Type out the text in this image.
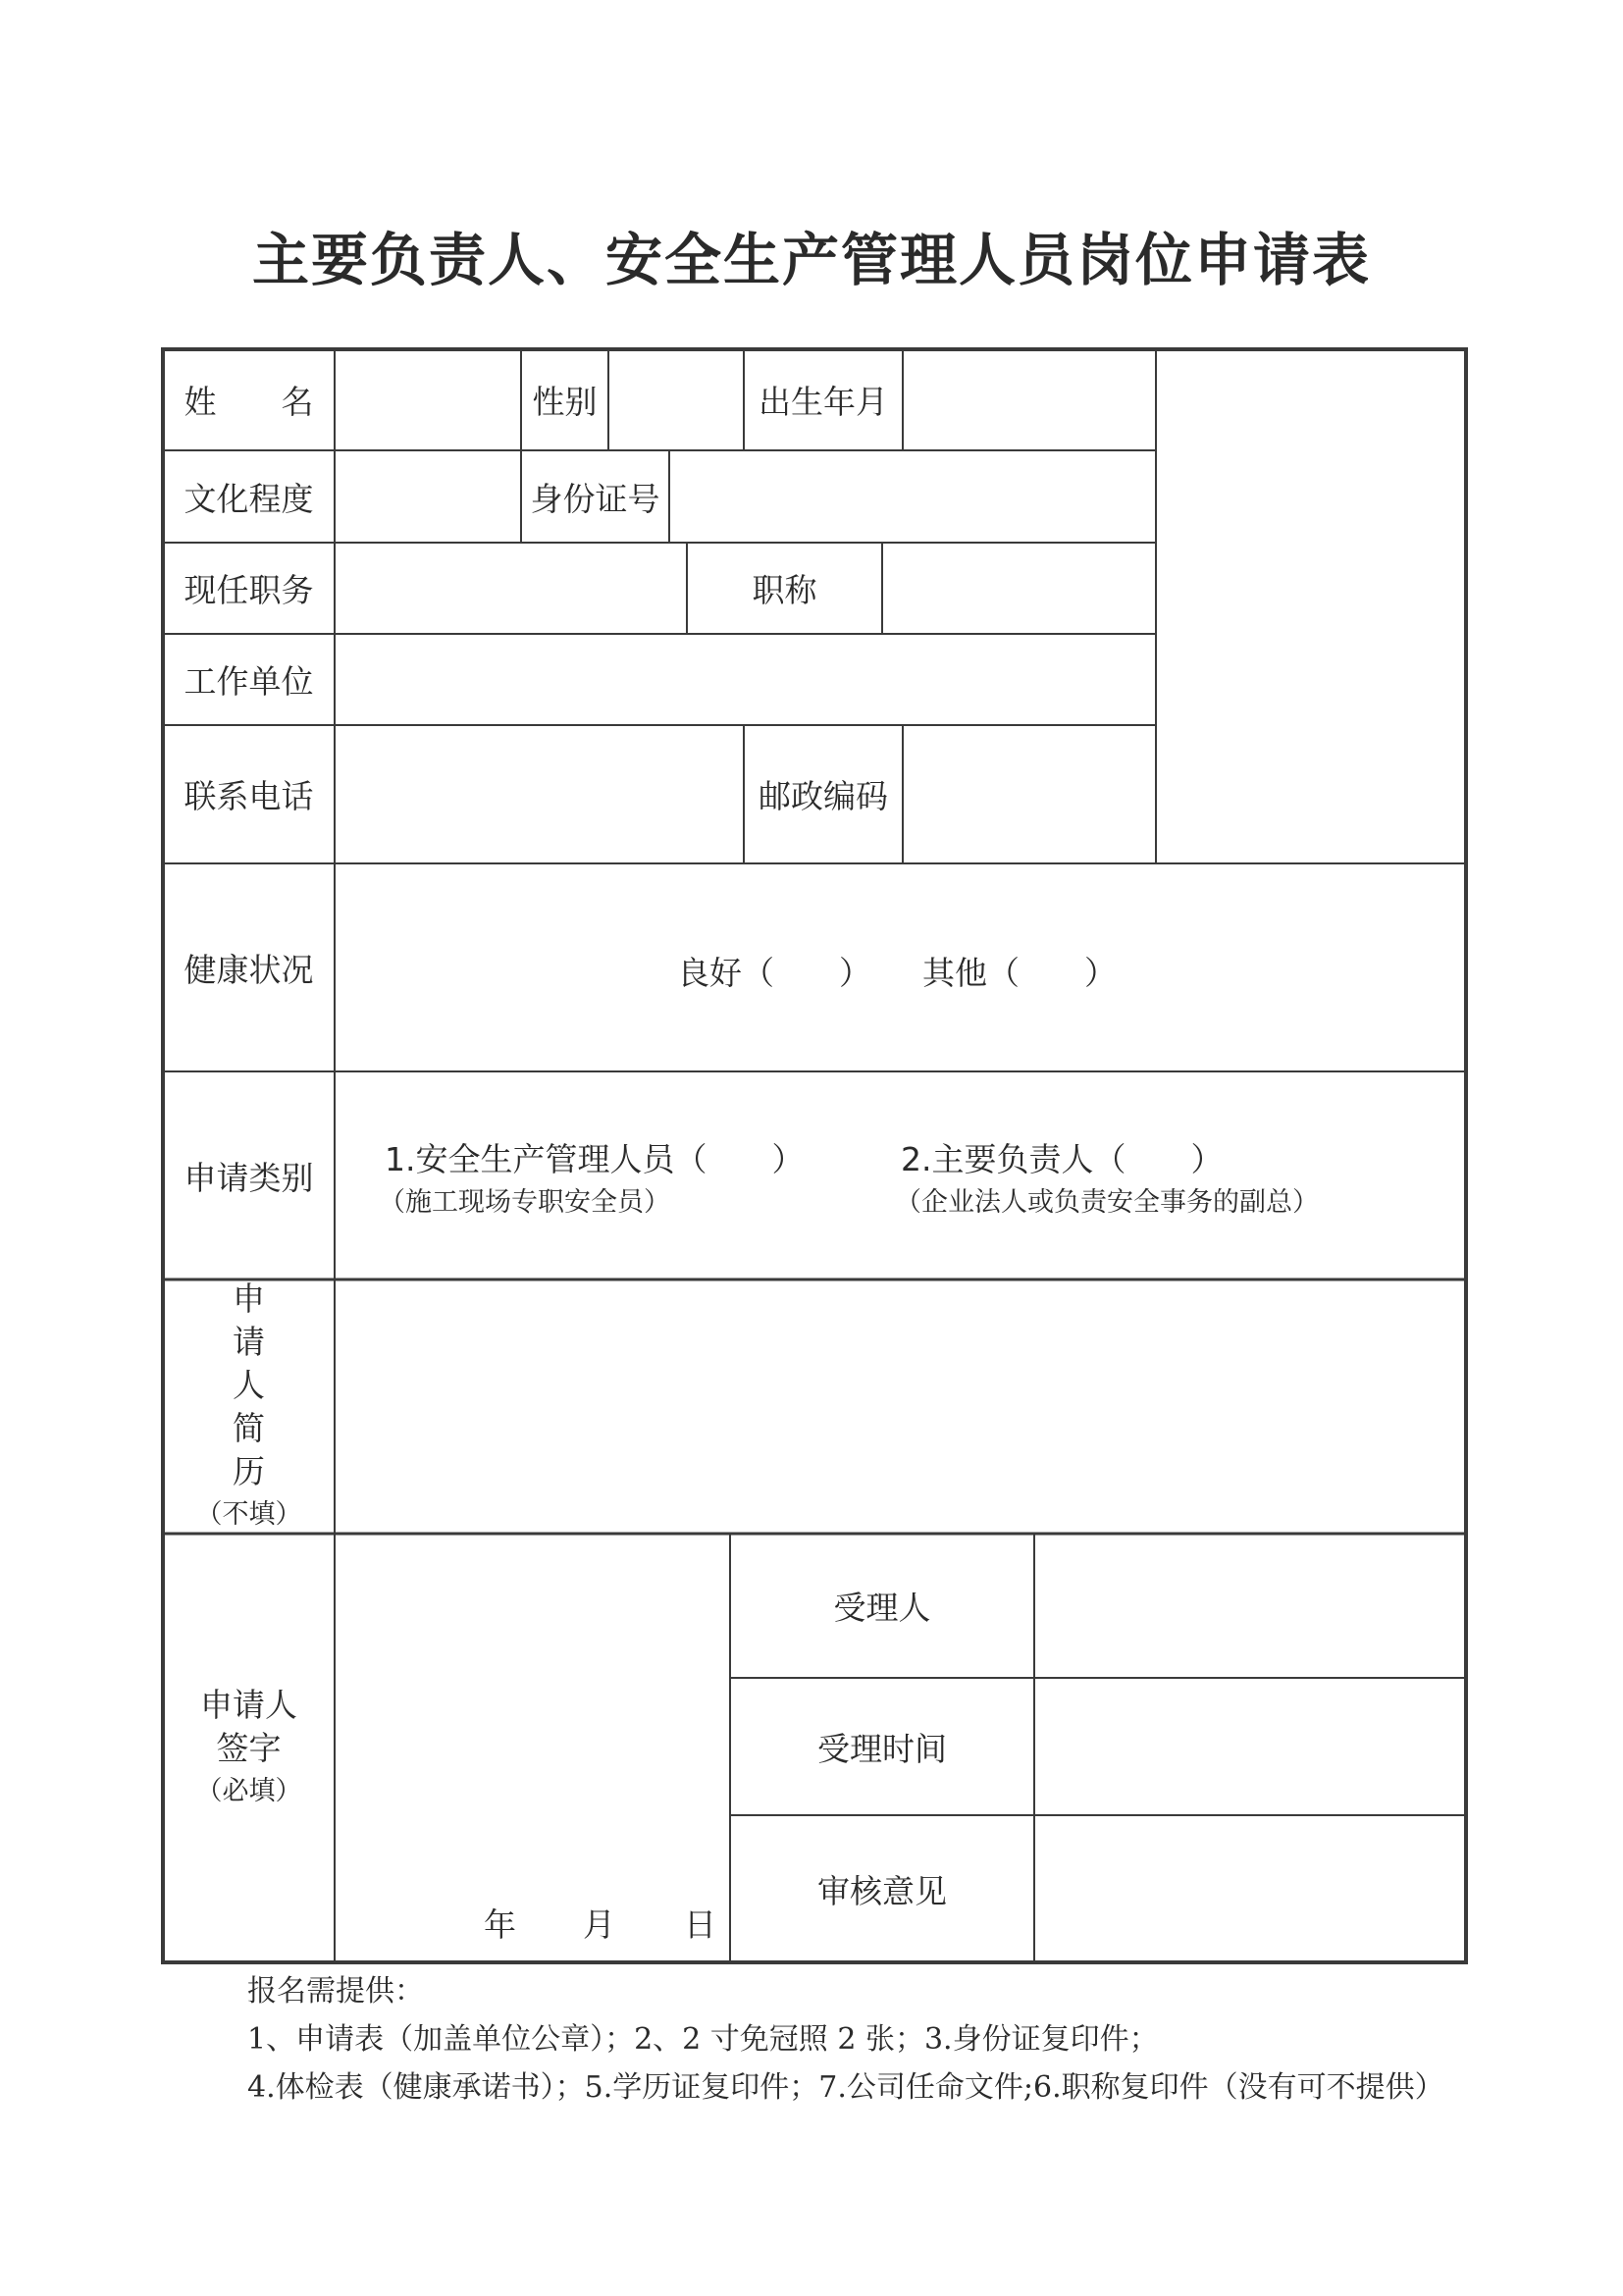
主要负责人、安全生产管理人员岗位申请表
姓　　名	性别	出生年月
文化程度	身份证号
现任职务	职称
工作单位
联系电话	邮政编码
健康状况	良好（　　） 其他（　　）
申请类别	1.安全生产管理人员（　　）
（施工现场专职安全员）
2.主要负责人（　　）
（企业法人或负责安全事务的副总）
申
请
人
简
历
（不填）
申请人
签字
（必填）
年 月 日
受理人
受理时间
审核意见
报名需提供：
1、申请表（加盖单位公章）；2、2 寸免冠照 2 张；3.身份证复印件；
4.体检表（健康承诺书）；5.学历证复印件；7.公司任命文件;6.职称复印件（没有可不提供）
